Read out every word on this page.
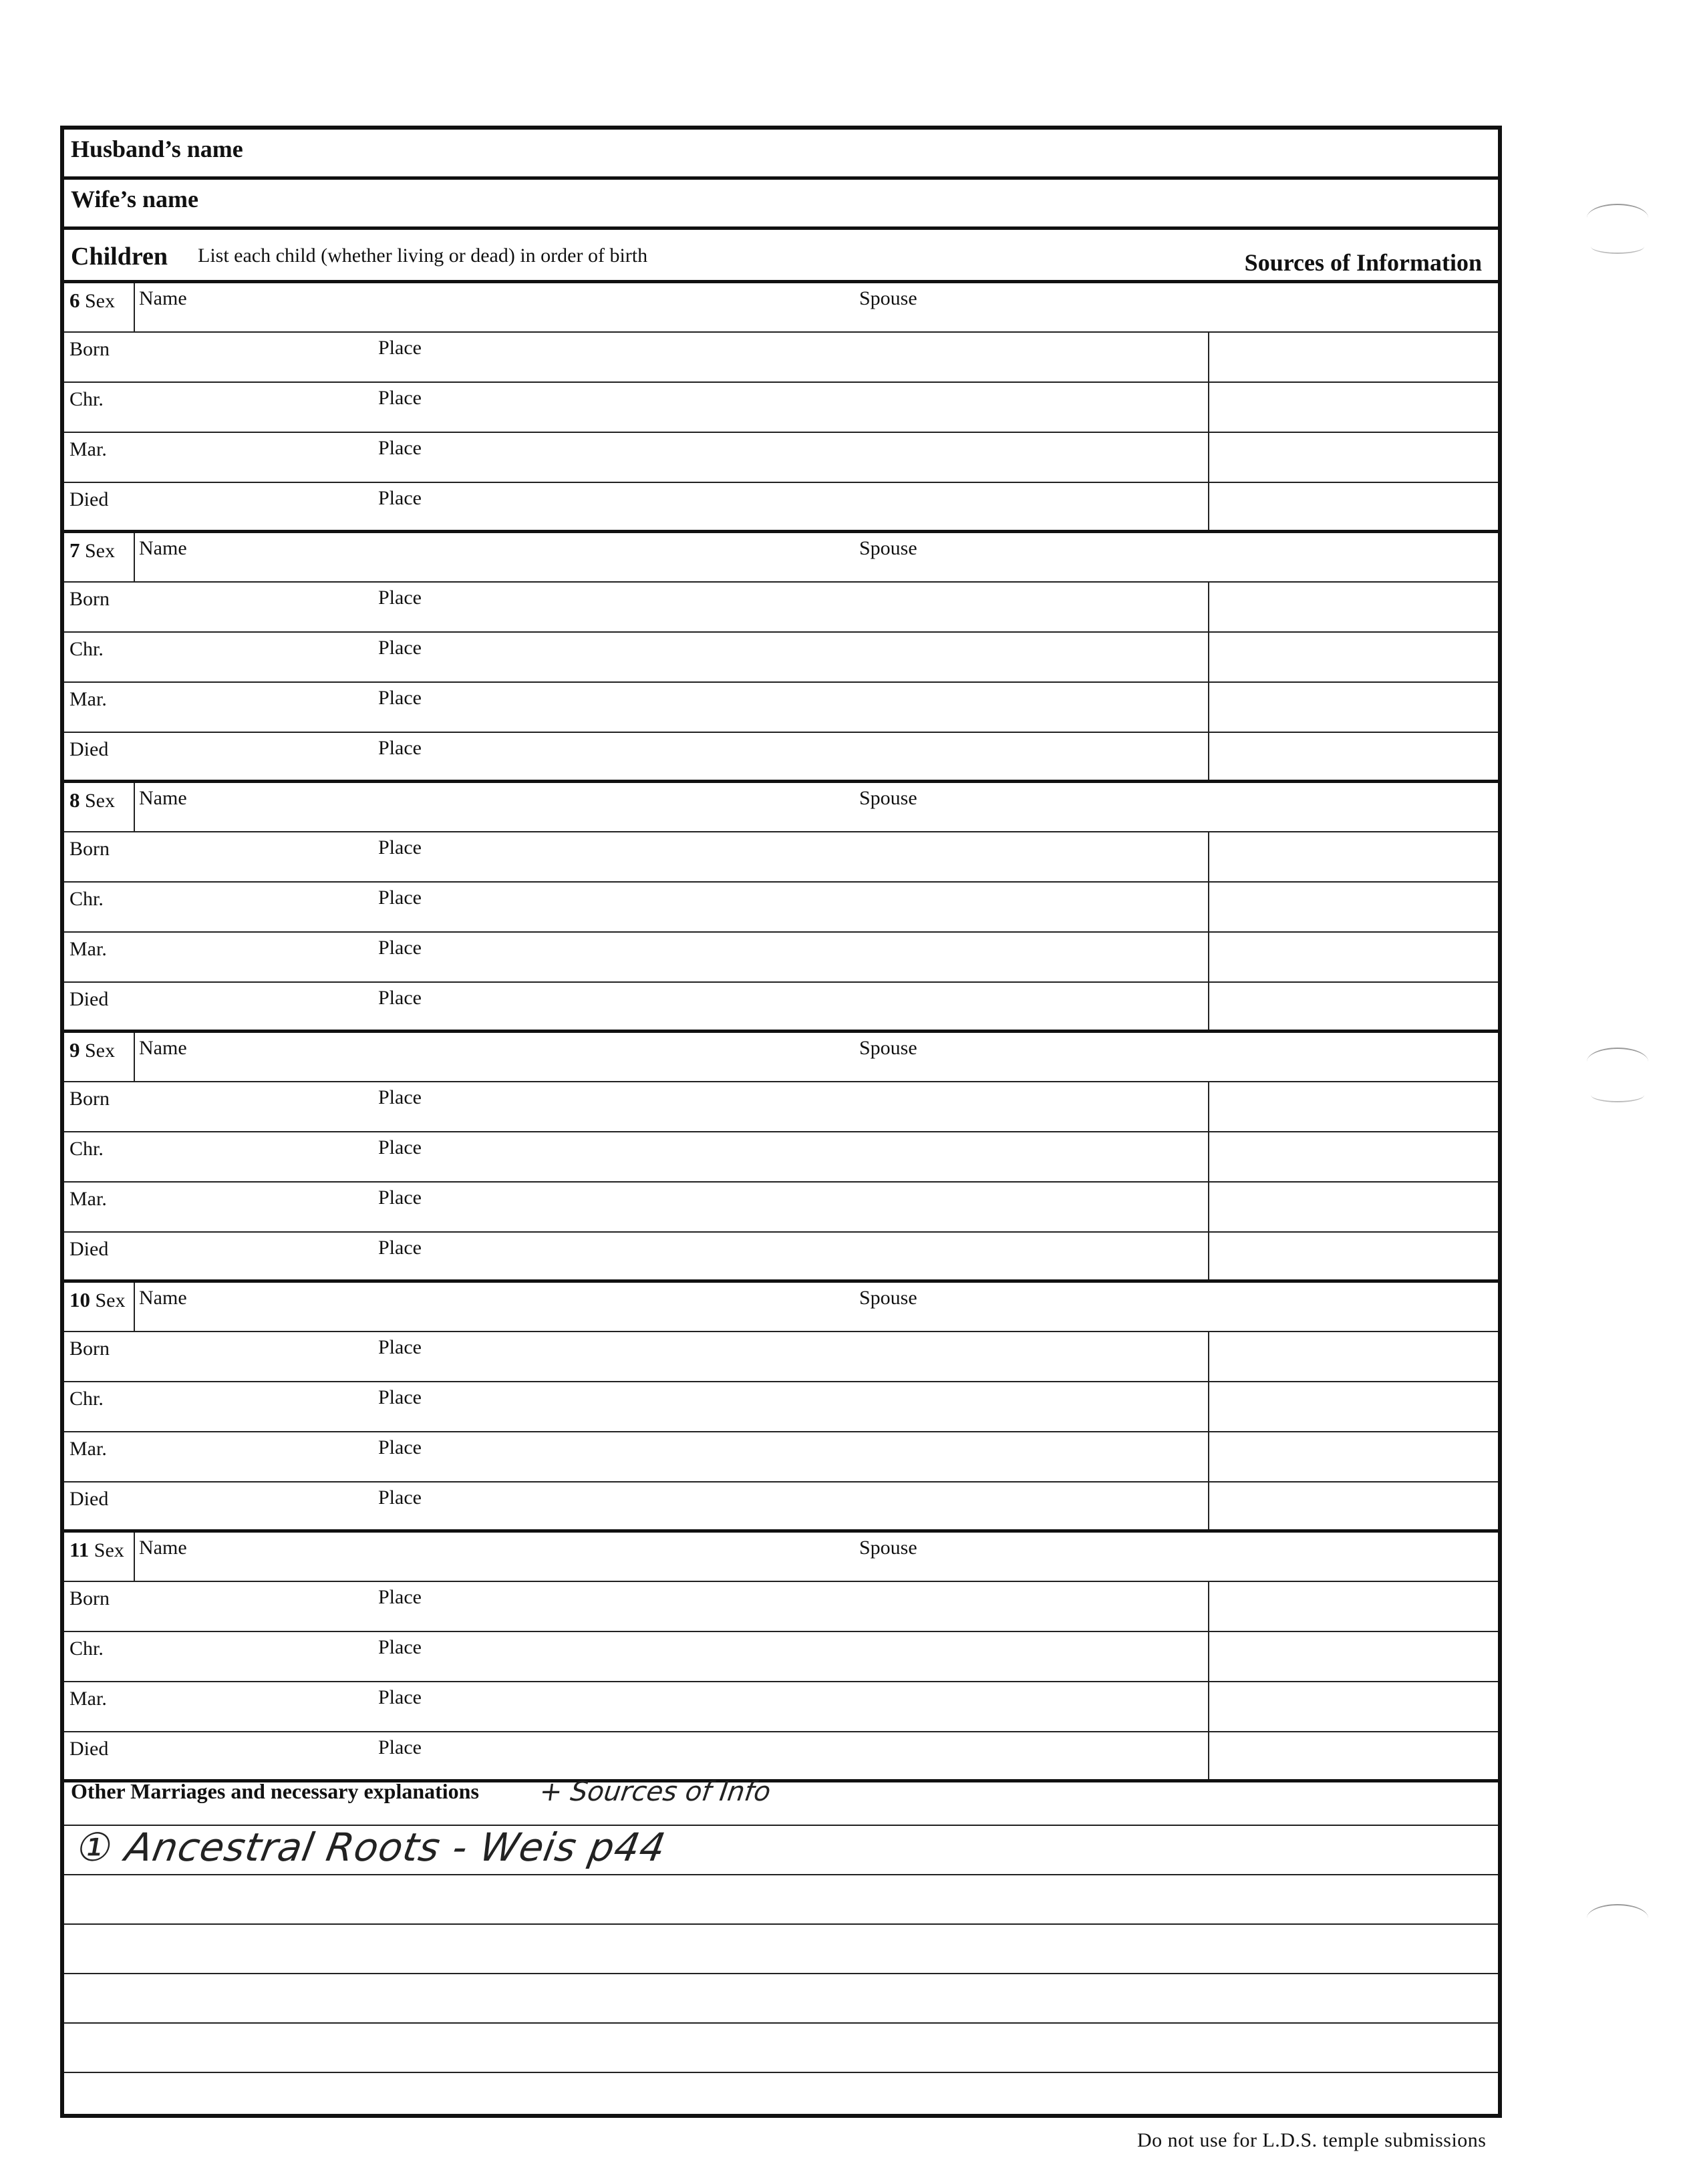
Husband’s name
Wife’s name
Children List each child (whether living or dead) in order of birth	Sources of Information
6 Sex Name	Spouse
Born	Place
Chr.	Place
Mar.	Place
Died	Place
7 Sex Name	Spouse
Born	Place
Chr.	Place
Mar.	Place
Died	Place
8 Sex Name	Spouse
Born	Place
Chr.	Place
Mar.	Place
Died	Place
9 Sex Name	Spouse
Born	Place
Chr.	Place
Mar.	Place
Died	Place
10 Sex Name	Spouse
Born	Place
Chr.	Place
Mar.	Place
Died	Place
11 Sex Name	Spouse
Born	Place
Chr.	Place
Mar.	Place
Died	Place
Other Marriages and necessary explanations + Sources of Info
① Ancestral Roots - Weis p44
Do not use for L.D.S. temple submissions
